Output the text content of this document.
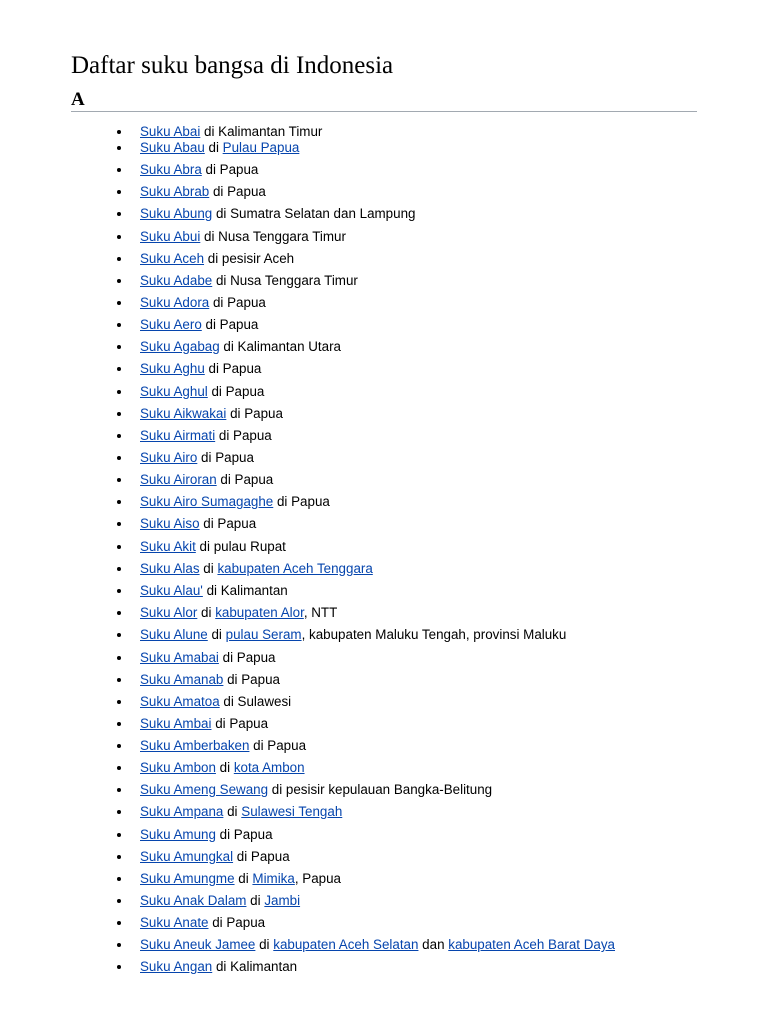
Daftar suku bangsa di Indonesia
A
Suku Abai di Kalimantan Timur
Suku Abau di Pulau Papua
Suku Abra di Papua
Suku Abrab di Papua
Suku Abung di Sumatra Selatan dan Lampung
Suku Abui di Nusa Tenggara Timur
Suku Aceh di pesisir Aceh
Suku Adabe di Nusa Tenggara Timur
Suku Adora di Papua
Suku Aero di Papua
Suku Agabag di Kalimantan Utara
Suku Aghu di Papua
Suku Aghul di Papua
Suku Aikwakai di Papua
Suku Airmati di Papua
Suku Airo di Papua
Suku Airoran di Papua
Suku Airo Sumagaghe di Papua
Suku Aiso di Papua
Suku Akit di pulau Rupat
Suku Alas di kabupaten Aceh Tenggara
Suku Alau' di Kalimantan
Suku Alor di kabupaten Alor, NTT
Suku Alune di pulau Seram, kabupaten Maluku Tengah, provinsi Maluku
Suku Amabai di Papua
Suku Amanab di Papua
Suku Amatoa di Sulawesi
Suku Ambai di Papua
Suku Amberbaken di Papua
Suku Ambon di kota Ambon
Suku Ameng Sewang di pesisir kepulauan Bangka-Belitung
Suku Ampana di Sulawesi Tengah
Suku Amung di Papua
Suku Amungkal di Papua
Suku Amungme di Mimika, Papua
Suku Anak Dalam di Jambi
Suku Anate di Papua
Suku Aneuk Jamee di kabupaten Aceh Selatan dan kabupaten Aceh Barat Daya
Suku Angan di Kalimantan
